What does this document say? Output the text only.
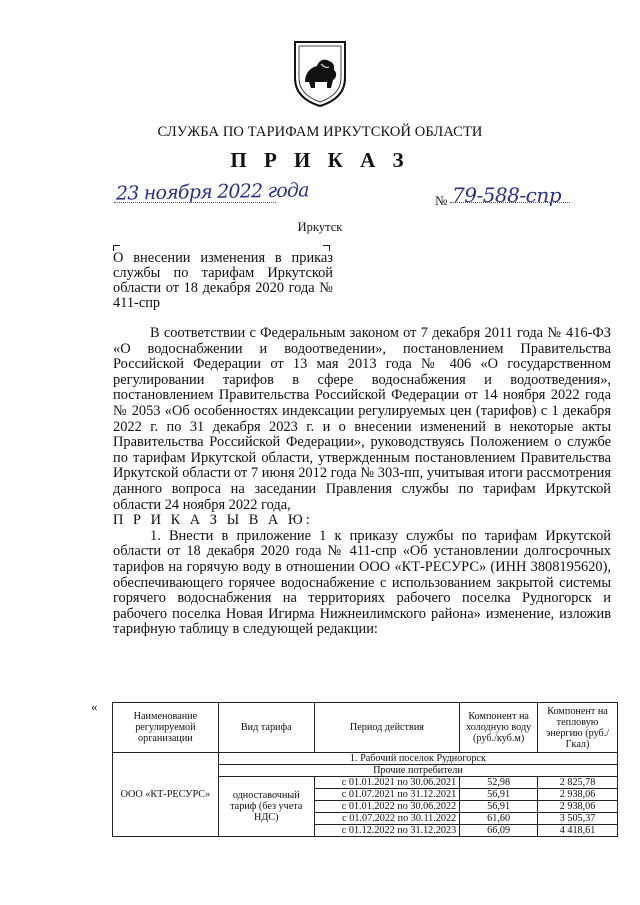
СЛУЖБА ПО ТАРИФАМ ИРКУТСКОЙ ОБЛАСТИ
П Р И К А З
23 ноября 2022 года	№ 79-588-спр
Иркутск
О внесении изменения в приказ службы по тарифам Иркутской области от 18 декабря 2020 года № 411-спр

В соответствии с Федеральным законом от 7 декабря 2011 года № 416-ФЗ «О водоснабжении и водоотведении», постановлением Правительства Российской Федерации от 13 мая 2013 года № 406 «О государственном регулировании тарифов в сфере водоснабжения и водоотведения», постановлением Правительства Российской Федерации от 14 ноября 2022 года № 2053 «Об особенностях индексации регулируемых цен (тарифов) с 1 декабря 2022 г. по 31 декабря 2023 г. и о внесении изменений в некоторые акты Правительства Российской Федерации», руководствуясь Положением о службе по тарифам Иркутской области, утвержденным постановлением Правительства Иркутской области от 7 июня 2012 года № 303-пп, учитывая итоги рассмотрения данного вопроса на заседании Правления службы по тарифам Иркутской области 24 ноября 2022 года,

П Р И К А З Ы В А Ю:

1. Внести в приложение 1 к приказу службы по тарифам Иркутской области от 18 декабря 2020 года № 411-спр «Об установлении долгосрочных тарифов на горячую воду в отношении ООО «КТ-РЕСУРС» (ИНН 3808195620), обеспечивающего горячее водоснабжение с использованием закрытой системы горячего водоснабжения на территориях рабочего поселка Рудногорск и рабочего поселка Новая Игирма Нижнеилимского района» изменение, изложив тарифную таблицу в следующей редакции:

«
Наименование регулируемой организации	Вид тарифа	Период действия	Компонент на холодную воду (руб./куб.м)	Компонент на тепловую энергию (руб./Гкал)
ООО «КТ-РЕСУРС»	1. Рабочий поселок Рудногорск			
	Прочие потребители			
	одноставочный тариф (без учета НДС)	с 01.01.2021 по 30.06.2021	52,98	2 825,78
		с 01.07.2021 по 31.12.2021	56,91	2 938,06
		с 01.01.2022 по 30.06.2022	56,91	2 938,06
		с 01.07.2022 по 30.11.2022	61,60	3 505,37
		с 01.12.2022 по 31.12.2023	66,09	4 418,61
